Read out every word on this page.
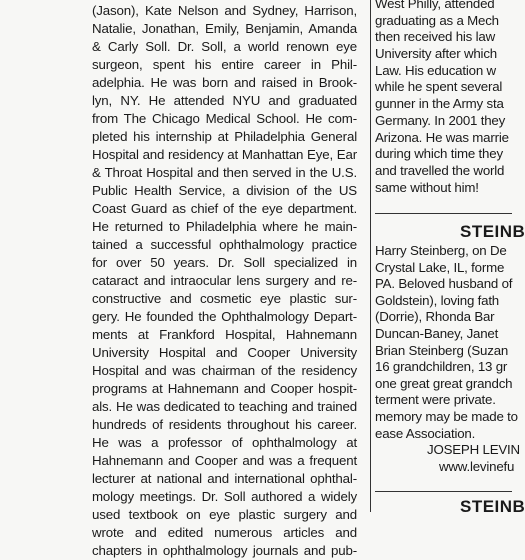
(Jason), Kate Nelson and Sydney, Harrison,
Natalie, Jonathan, Emily, Benjamin, Amanda
& Carly Soll. Dr. Soll, a world renown eye
surgeon, spent his entire career in Phil-
adelphia. He was born and raised in Brook-
lyn, NY. He attended NYU and graduated
from The Chicago Medical School. He com-
pleted his internship at Philadelphia General
Hospital and residency at Manhattan Eye, Ear
& Throat Hospital and then served in the U.S.
Public Health Service, a division of the US
Coast Guard as chief of the eye department.
He returned to Philadelphia where he main-
tained a successful ophthalmology practice
for over 50 years. Dr. Soll specialized in
cataract and intraocular lens surgery and re-
constructive and cosmetic eye plastic sur-
gery. He founded the Ophthalmology Depart-
ments at Frankford Hospital, Hahnemann
University Hospital and Cooper University
Hospital and was chairman of the residency
programs at Hahnemann and Cooper hospit-
als. He was dedicated to teaching and trained
hundreds of residents throughout his career.
He was a professor of ophthalmology at
Hahnemann and Cooper and was a frequent
lecturer at national and international ophthal-
mology meetings. Dr. Soll authored a widely
used textbook on eye plastic surgery and
wrote and edited numerous articles and
chapters in ophthalmology journals and pub-
West Philly, attended
graduating as a Mech
then received his law
University after which
Law. His education w
while he spent several
gunner in the Army sta
Germany. In 2001 they
Arizona. He was marrie
during which time they
and travelled the world
same without him!
STEINB
Harry Steinberg, on De
Crystal Lake, IL, forme
PA. Beloved husband of
Goldstein), loving fath
(Dorrie), Rhonda Bar
Duncan-Baney, Janet
Brian Steinberg (Suzan
16 grandchildren, 13 gr
one great great grandch
terment were private.
memory may be made to
ease Association.
JOSEPH LEVIN
www.levinefu
STEINB
